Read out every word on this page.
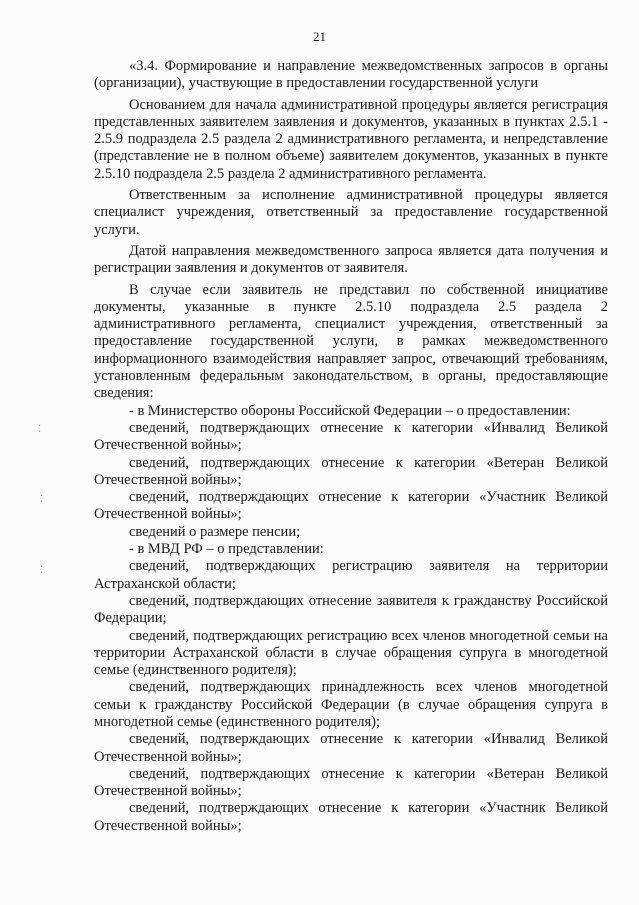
21
⁚
⁚
⁚

«3.4. Формирование и направление межведомственных запросов в органы (организации), участвующие в предоставлении государственной услуги

Основанием для начала административной процедуры является регистрация представленных заявителем заявления и документов, указанных в пунктах 2.5.1 - 2.5.9 подраздела 2.5 раздела 2 административного регламента, и непредставление (представление не в полном объеме) заявителем документов, указанных в пункте 2.5.10 подраздела 2.5 раздела 2 административного регламента.

Ответственным за исполнение административной процедуры является специалист учреждения, ответственный за предоставление государственной услуги.

Датой направления межведомственного запроса является дата получения и регистрации заявления и документов от заявителя.

В случае если заявитель не представил по собственной инициативе документы, указанные в пункте 2.5.10 подраздела 2.5 раздела 2 административного регламента, специалист учреждения, ответственный за предоставление государственной услуги, в рамках межведомственного информационного взаимодействия направляет запрос, отвечающий требованиям, установленным федеральным законодательством, в органы, предоставляющие сведения:

- в Министерство обороны Российской Федерации – о предоставлении:

сведений, подтверждающих отнесение к категории «Инвалид Великой Отечественной войны»;

сведений, подтверждающих отнесение к категории «Ветеран Великой Отечественной войны»;

сведений, подтверждающих отнесение к категории «Участник Великой Отечественной войны»;

сведений о размере пенсии;

- в МВД РФ – о представлении:

сведений, подтверждающих регистрацию заявителя на территории Астраханской области;

сведений, подтверждающих отнесение заявителя к гражданству Российской Федерации;

сведений, подтверждающих регистрацию всех членов многодетной семьи на территории Астраханской области в случае обращения супруга в многодетной семье (единственного родителя);

сведений, подтверждающих принадлежность всех членов многодетной семьи к гражданству Российской Федерации (в случае обращения супруга в многодетной семье (единственного родителя);

сведений, подтверждающих отнесение к категории «Инвалид Великой Отечественной войны»;

сведений, подтверждающих отнесение к категории «Ветеран Великой Отечественной войны»;

сведений, подтверждающих отнесение к категории «Участник Великой Отечественной войны»;
